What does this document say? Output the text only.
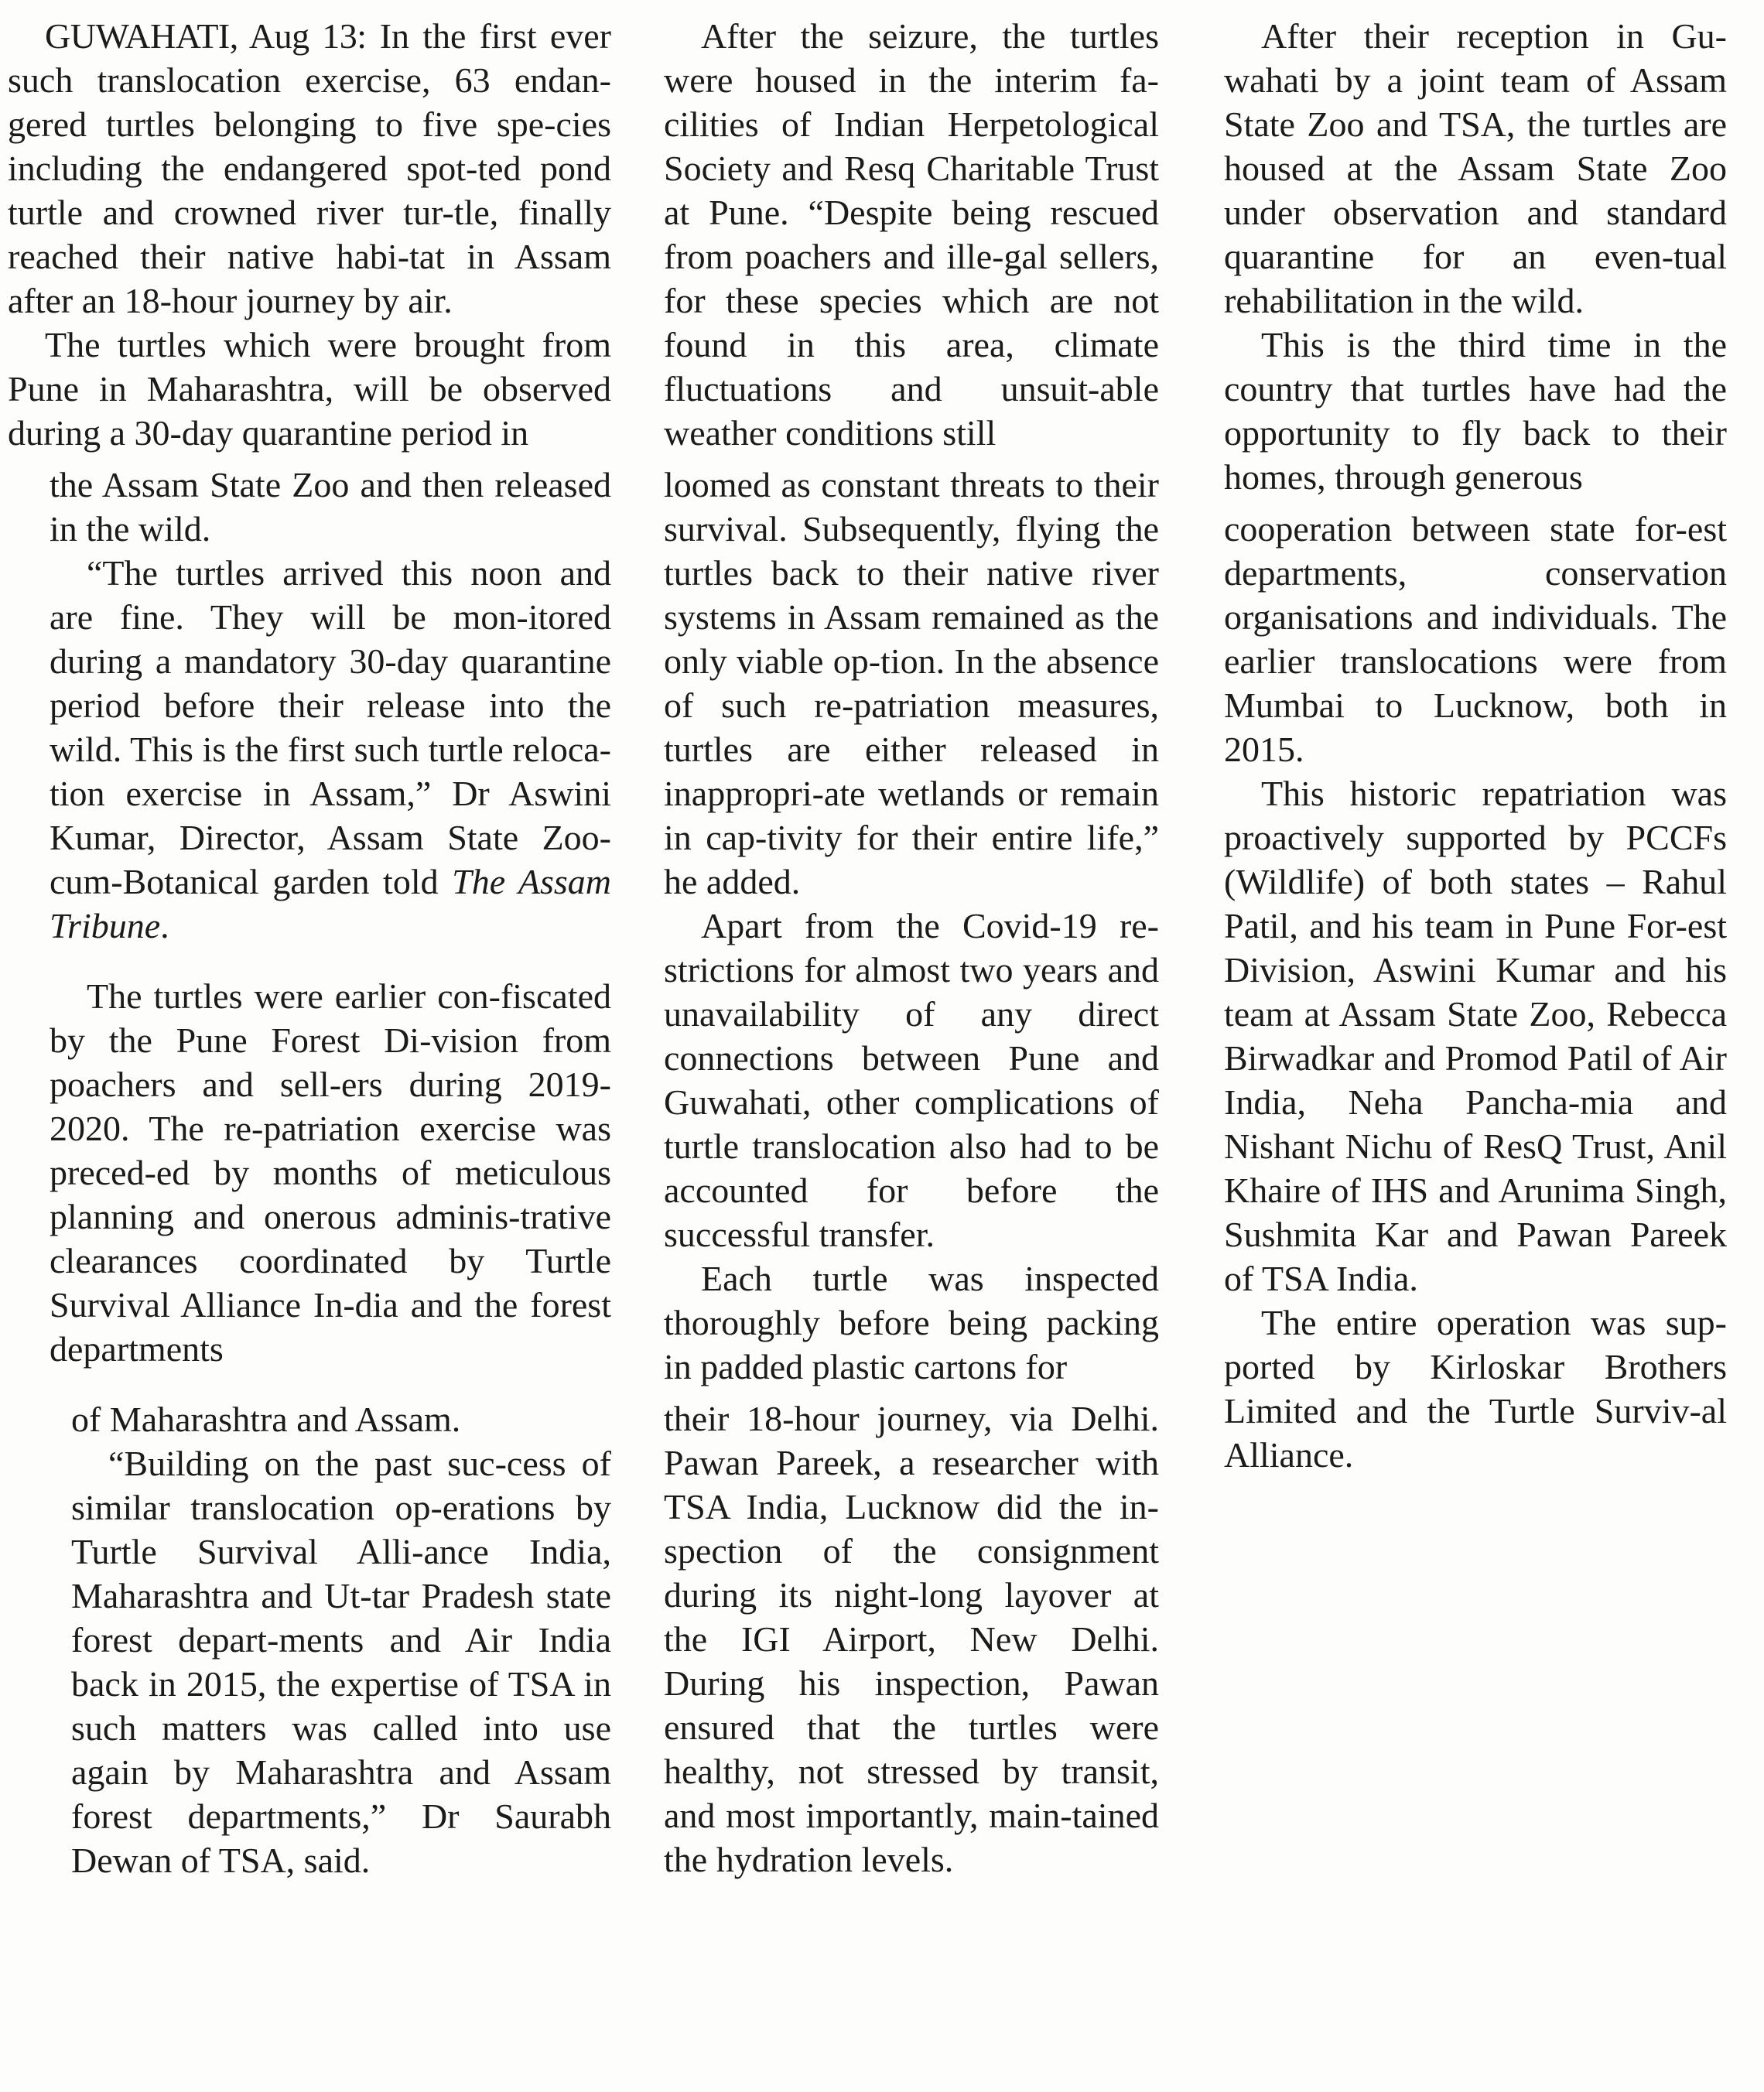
GUWAHATI, Aug 13: In the first ever such translocation exercise, 63 endan-gered turtles belonging to five spe-cies including the endangered spot-ted pond turtle and crowned river tur-tle, finally reached their native habi-tat in Assam after an 18-hour journey by air.

The turtles which were brought from Pune in Maharashtra, will be observed during a 30-day quarantine period in

the Assam State Zoo and then released in the wild.

“The turtles arrived this noon and are fine. They will be mon-itored during a mandatory 30-day quarantine period before their release into the wild. This is the first such turtle reloca-tion exercise in Assam,” Dr Aswini Kumar, Director, Assam State Zoo-cum-Botanical garden told The Assam Tribune.

The turtles were earlier con-fiscated by the Pune Forest Di-vision from poachers and sell-ers during 2019-2020. The re-patriation exercise was preced-ed by months of meticulous planning and onerous adminis-trative clearances coordinated by Turtle Survival Alliance In-dia and the forest departments

of Maharashtra and Assam.

“Building on the past suc-cess of similar translocation op-erations by Turtle Survival Alli-ance India, Maharashtra and Ut-tar Pradesh state forest depart-ments and Air India back in 2015, the expertise of TSA in such matters was called into use again by Maharashtra and Assam forest departments,” Dr Saurabh Dewan of TSA, said.

After the seizure, the turtles were housed in the interim fa-cilities of Indian Herpetological Society and Resq Charitable Trust at Pune. “Despite being rescued from poachers and ille-gal sellers, for these species which are not found in this area, climate fluctuations and unsuit-able weather conditions still

loomed as constant threats to their survival. Subsequently, flying the turtles back to their native river systems in Assam remained as the only viable op-tion. In the absence of such re-patriation measures, turtles are either released in inappropri-ate wetlands or remain in cap-tivity for their entire life,” he added.

Apart from the Covid-19 re-strictions for almost two years and unavailability of any direct connections between Pune and Guwahati, other complications of turtle translocation also had to be accounted for before the successful transfer.

Each turtle was inspected thoroughly before being packing in padded plastic cartons for

their 18-hour journey, via Delhi. Pawan Pareek, a researcher with TSA India, Lucknow did the in-spection of the consignment during its night-long layover at the IGI Airport, New Delhi. During his inspection, Pawan ensured that the turtles were healthy, not stressed by transit, and most importantly, main-tained the hydration levels.

After their reception in Gu-wahati by a joint team of Assam State Zoo and TSA, the turtles are housed at the Assam State Zoo under observation and standard quarantine for an even-tual rehabilitation in the wild.

This is the third time in the country that turtles have had the opportunity to fly back to their homes, through generous

cooperation between state for-est departments, conservation organisations and individuals. The earlier translocations were from Mumbai to Lucknow, both in 2015.

This historic repatriation was proactively supported by PCCFs (Wildlife) of both states – Rahul Patil, and his team in Pune For-est Division, Aswini Kumar and his team at Assam State Zoo, Rebecca Birwadkar and Promod Patil of Air India, Neha Pancha-mia and Nishant Nichu of ResQ Trust, Anil Khaire of IHS and Arunima Singh, Sushmita Kar and Pawan Pareek of TSA India.

The entire operation was sup-ported by Kirloskar Brothers Limited and the Turtle Surviv-al Alliance.
